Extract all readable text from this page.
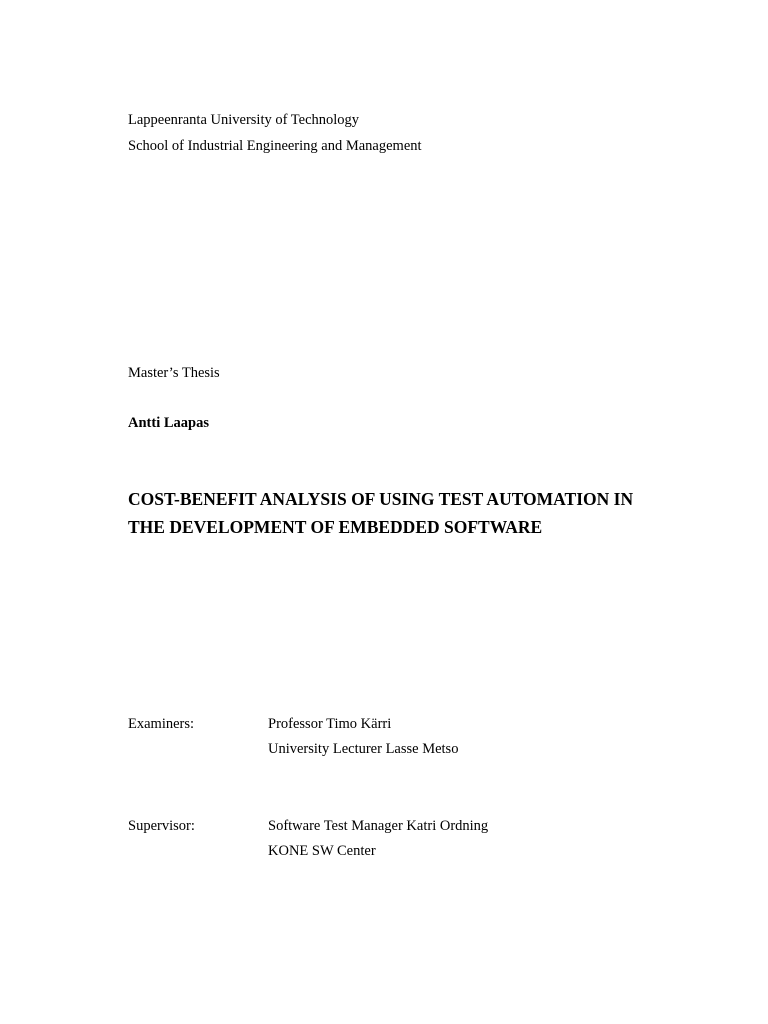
Lappeenranta University of Technology
School of Industrial Engineering and Management
Master’s Thesis
Antti Laapas
COST-BENEFIT ANALYSIS OF USING TEST AUTOMATION IN
THE DEVELOPMENT OF EMBEDDED SOFTWARE
Examiners:	Professor Timo Kärri
University Lecturer Lasse Metso
Supervisor:	Software Test Manager Katri Ordning
KONE SW Center
